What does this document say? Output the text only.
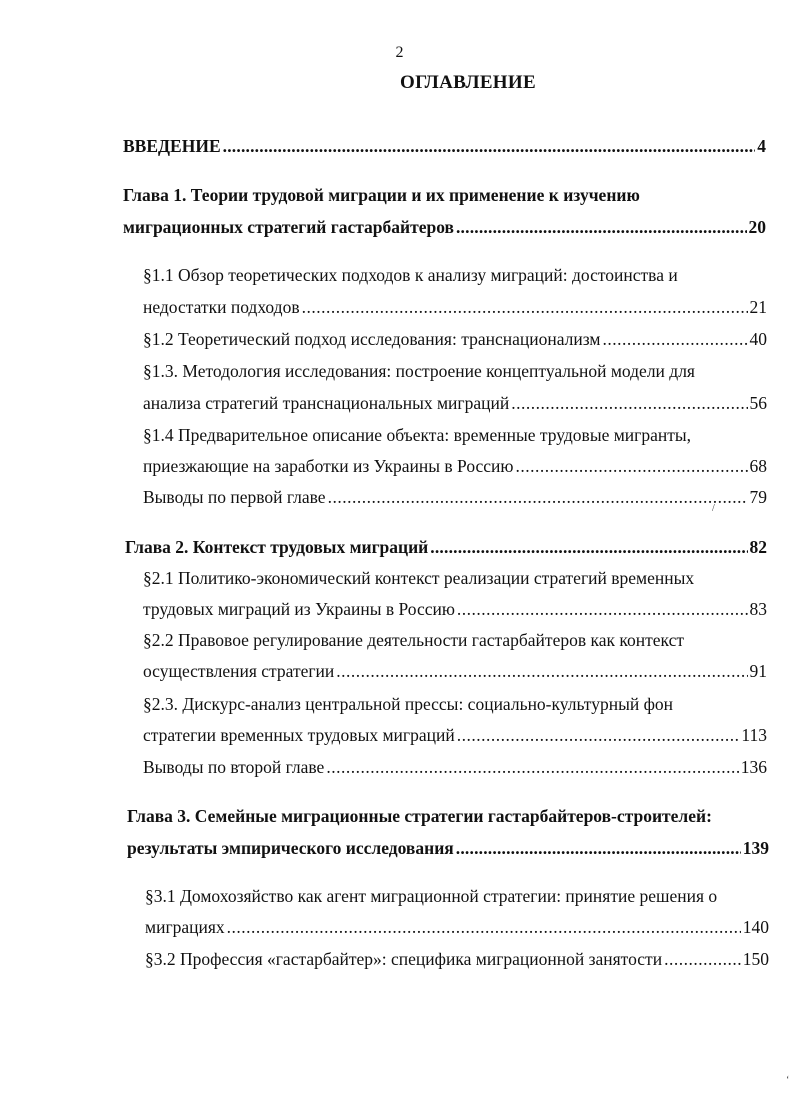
2
ОГЛАВЛЕНИЕ
ВВЕДЕНИЕ .....	4
Глава 1. Теории трудовой миграции и их применение к изучению
миграционных стратегий гастарбайтеров .....	20
§1.1 Обзор теоретических подходов к анализу миграций: достоинства и
недостатки подходов .....	21
§1.2 Теоретический подход исследования: транснационализм .....	40
§1.3. Методология исследования: построение концептуальной модели для
анализа стратегий транснациональных миграций .....	56
§1.4 Предварительное описание объекта: временные трудовые мигранты,
приезжающие на заработки из Украины в Россию .....	68
Выводы по первой главе .....	79
Глава 2. Контекст трудовых миграций .....	82
§2.1 Политико-экономический контекст реализации стратегий временных
трудовых миграций из Украины в Россию .....	83
§2.2 Правовое регулирование деятельности гастарбайтеров как контекст
осуществления стратегии .....	91
§2.3. Дискурс-анализ центральной прессы: социально-культурный фон
стратегии временных трудовых миграций .....	113
Выводы по второй главе .....	136
Глава 3. Семейные миграционные стратегии гастарбайтеров-строителей:
результаты эмпирического исследования .....	139
§3.1 Домохозяйство как агент миграционной стратегии: принятие решения о
миграциях .....	140
§3.2 Профессия «гастарбайтер»: специфика миграционной занятости .....	150
/
‘
